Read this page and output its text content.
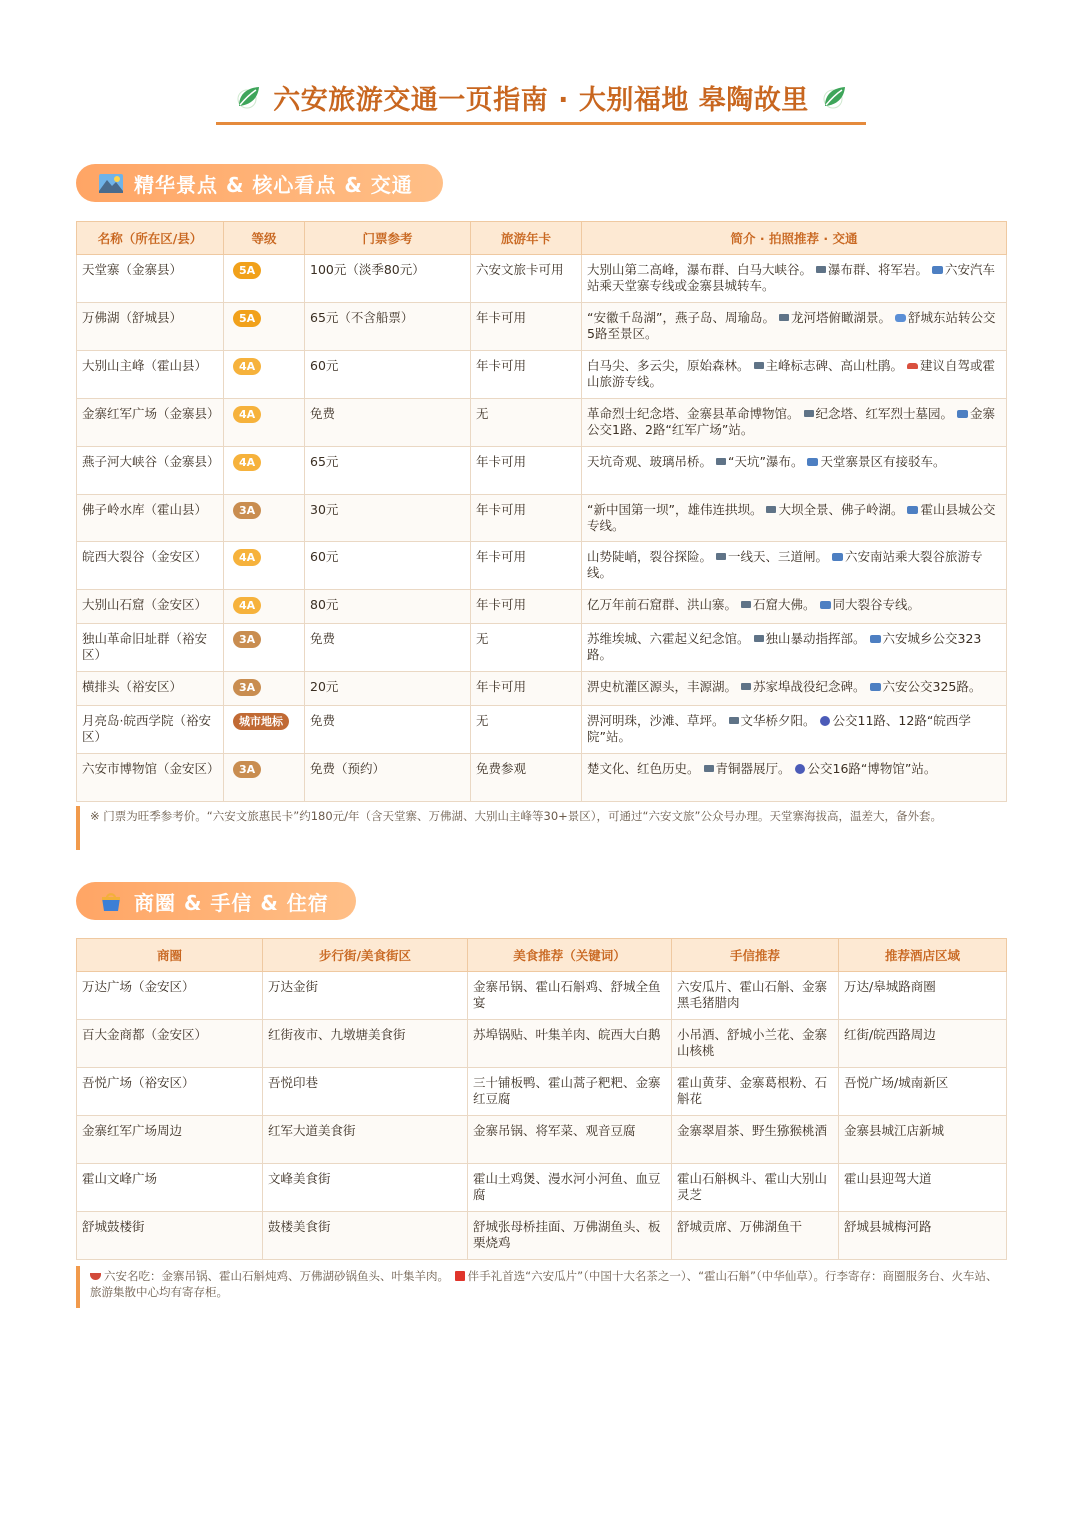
六安旅游交通一页指南 · 大别福地 皋陶故里
精华景点 & 核心看点 & 交通
名称（所在区/县）	等级	门票参考	旅游年卡	简介 · 拍照推荐 · 交通
天堂寨（金寨县）	5A	100元（淡季80元）	六安文旅卡可用	大别山第二高峰，瀑布群、白马大峡谷。 瀑布群、将军岩。 六安汽车站乘天堂寨专线或金寨县城转车。
万佛湖（舒城县）	5A	65元（不含船票）	年卡可用	“安徽千岛湖”，燕子岛、周瑜岛。 龙河塔俯瞰湖景。 舒城东站转公交5路至景区。
大别山主峰（霍山县）	4A	60元	年卡可用	白马尖、多云尖，原始森林。 主峰标志碑、高山杜鹃。 建议自驾或霍山旅游专线。
金寨红军广场（金寨县）	4A	免费	无	革命烈士纪念塔、金寨县革命博物馆。 纪念塔、红军烈士墓园。 金寨公交1路、2路“红军广场”站。
燕子河大峡谷（金寨县）	4A	65元	年卡可用	天坑奇观、玻璃吊桥。 “天坑”瀑布。 天堂寨景区有接驳车。
佛子岭水库（霍山县）	3A	30元	年卡可用	“新中国第一坝”，雄伟连拱坝。 大坝全景、佛子岭湖。 霍山县城公交专线。
皖西大裂谷（金安区）	4A	60元	年卡可用	山势陡峭，裂谷探险。 一线天、三道闸。 六安南站乘大裂谷旅游专线。
大别山石窟（金安区）	4A	80元	年卡可用	亿万年前石窟群、洪山寨。 石窟大佛。 同大裂谷专线。
独山革命旧址群（裕安区）	3A	免费	无	苏维埃城、六霍起义纪念馆。 独山暴动指挥部。 六安城乡公交323路。
横排头（裕安区）	3A	20元	年卡可用	淠史杭灌区源头，丰源湖。 苏家埠战役纪念碑。 六安公交325路。
月亮岛·皖西学院（裕安区）	城市地标	免费	无	淠河明珠，沙滩、草坪。 文华桥夕阳。 公交11路、12路“皖西学院”站。
六安市博物馆（金安区）	3A	免费（预约）	免费参观	楚文化、红色历史。 青铜器展厅。 公交16路“博物馆”站。
※ 门票为旺季参考价。“六安文旅惠民卡”约180元/年（含天堂寨、万佛湖、大别山主峰等30+景区），可通过“六安文旅”公众号办理。天堂寨海拔高，温差大，备外套。
商圈 & 手信 & 住宿
商圈	步行街/美食街区	美食推荐（关键词）	手信推荐	推荐酒店区域
万达广场（金安区）	万达金街	金寨吊锅、霍山石斛鸡、舒城全鱼宴	六安瓜片、霍山石斛、金寨黑毛猪腊肉	万达/皋城路商圈
百大金商都（金安区）	红街夜市、九墩塘美食街	苏埠锅贴、叶集羊肉、皖西大白鹅	小吊酒、舒城小兰花、金寨山核桃	红街/皖西路周边
吾悦广场（裕安区）	吾悦印巷	三十铺板鸭、霍山蒿子粑粑、金寨红豆腐	霍山黄芽、金寨葛根粉、石斛花	吾悦广场/城南新区
金寨红军广场周边	红军大道美食街	金寨吊锅、将军菜、观音豆腐	金寨翠眉茶、野生猕猴桃酒	金寨县城江店新城
霍山文峰广场	文峰美食街	霍山土鸡煲、漫水河小河鱼、血豆腐	霍山石斛枫斗、霍山大别山灵芝	霍山县迎驾大道
舒城鼓楼街	鼓楼美食街	舒城张母桥挂面、万佛湖鱼头、板栗烧鸡	舒城贡席、万佛湖鱼干	舒城县城梅河路
六安名吃：金寨吊锅、霍山石斛炖鸡、万佛湖砂锅鱼头、叶集羊肉。 伴手礼首选“六安瓜片”（中国十大名茶之一）、“霍山石斛”（中华仙草）。行李寄存：商圈服务台、火车站、旅游集散中心均有寄存柜。
